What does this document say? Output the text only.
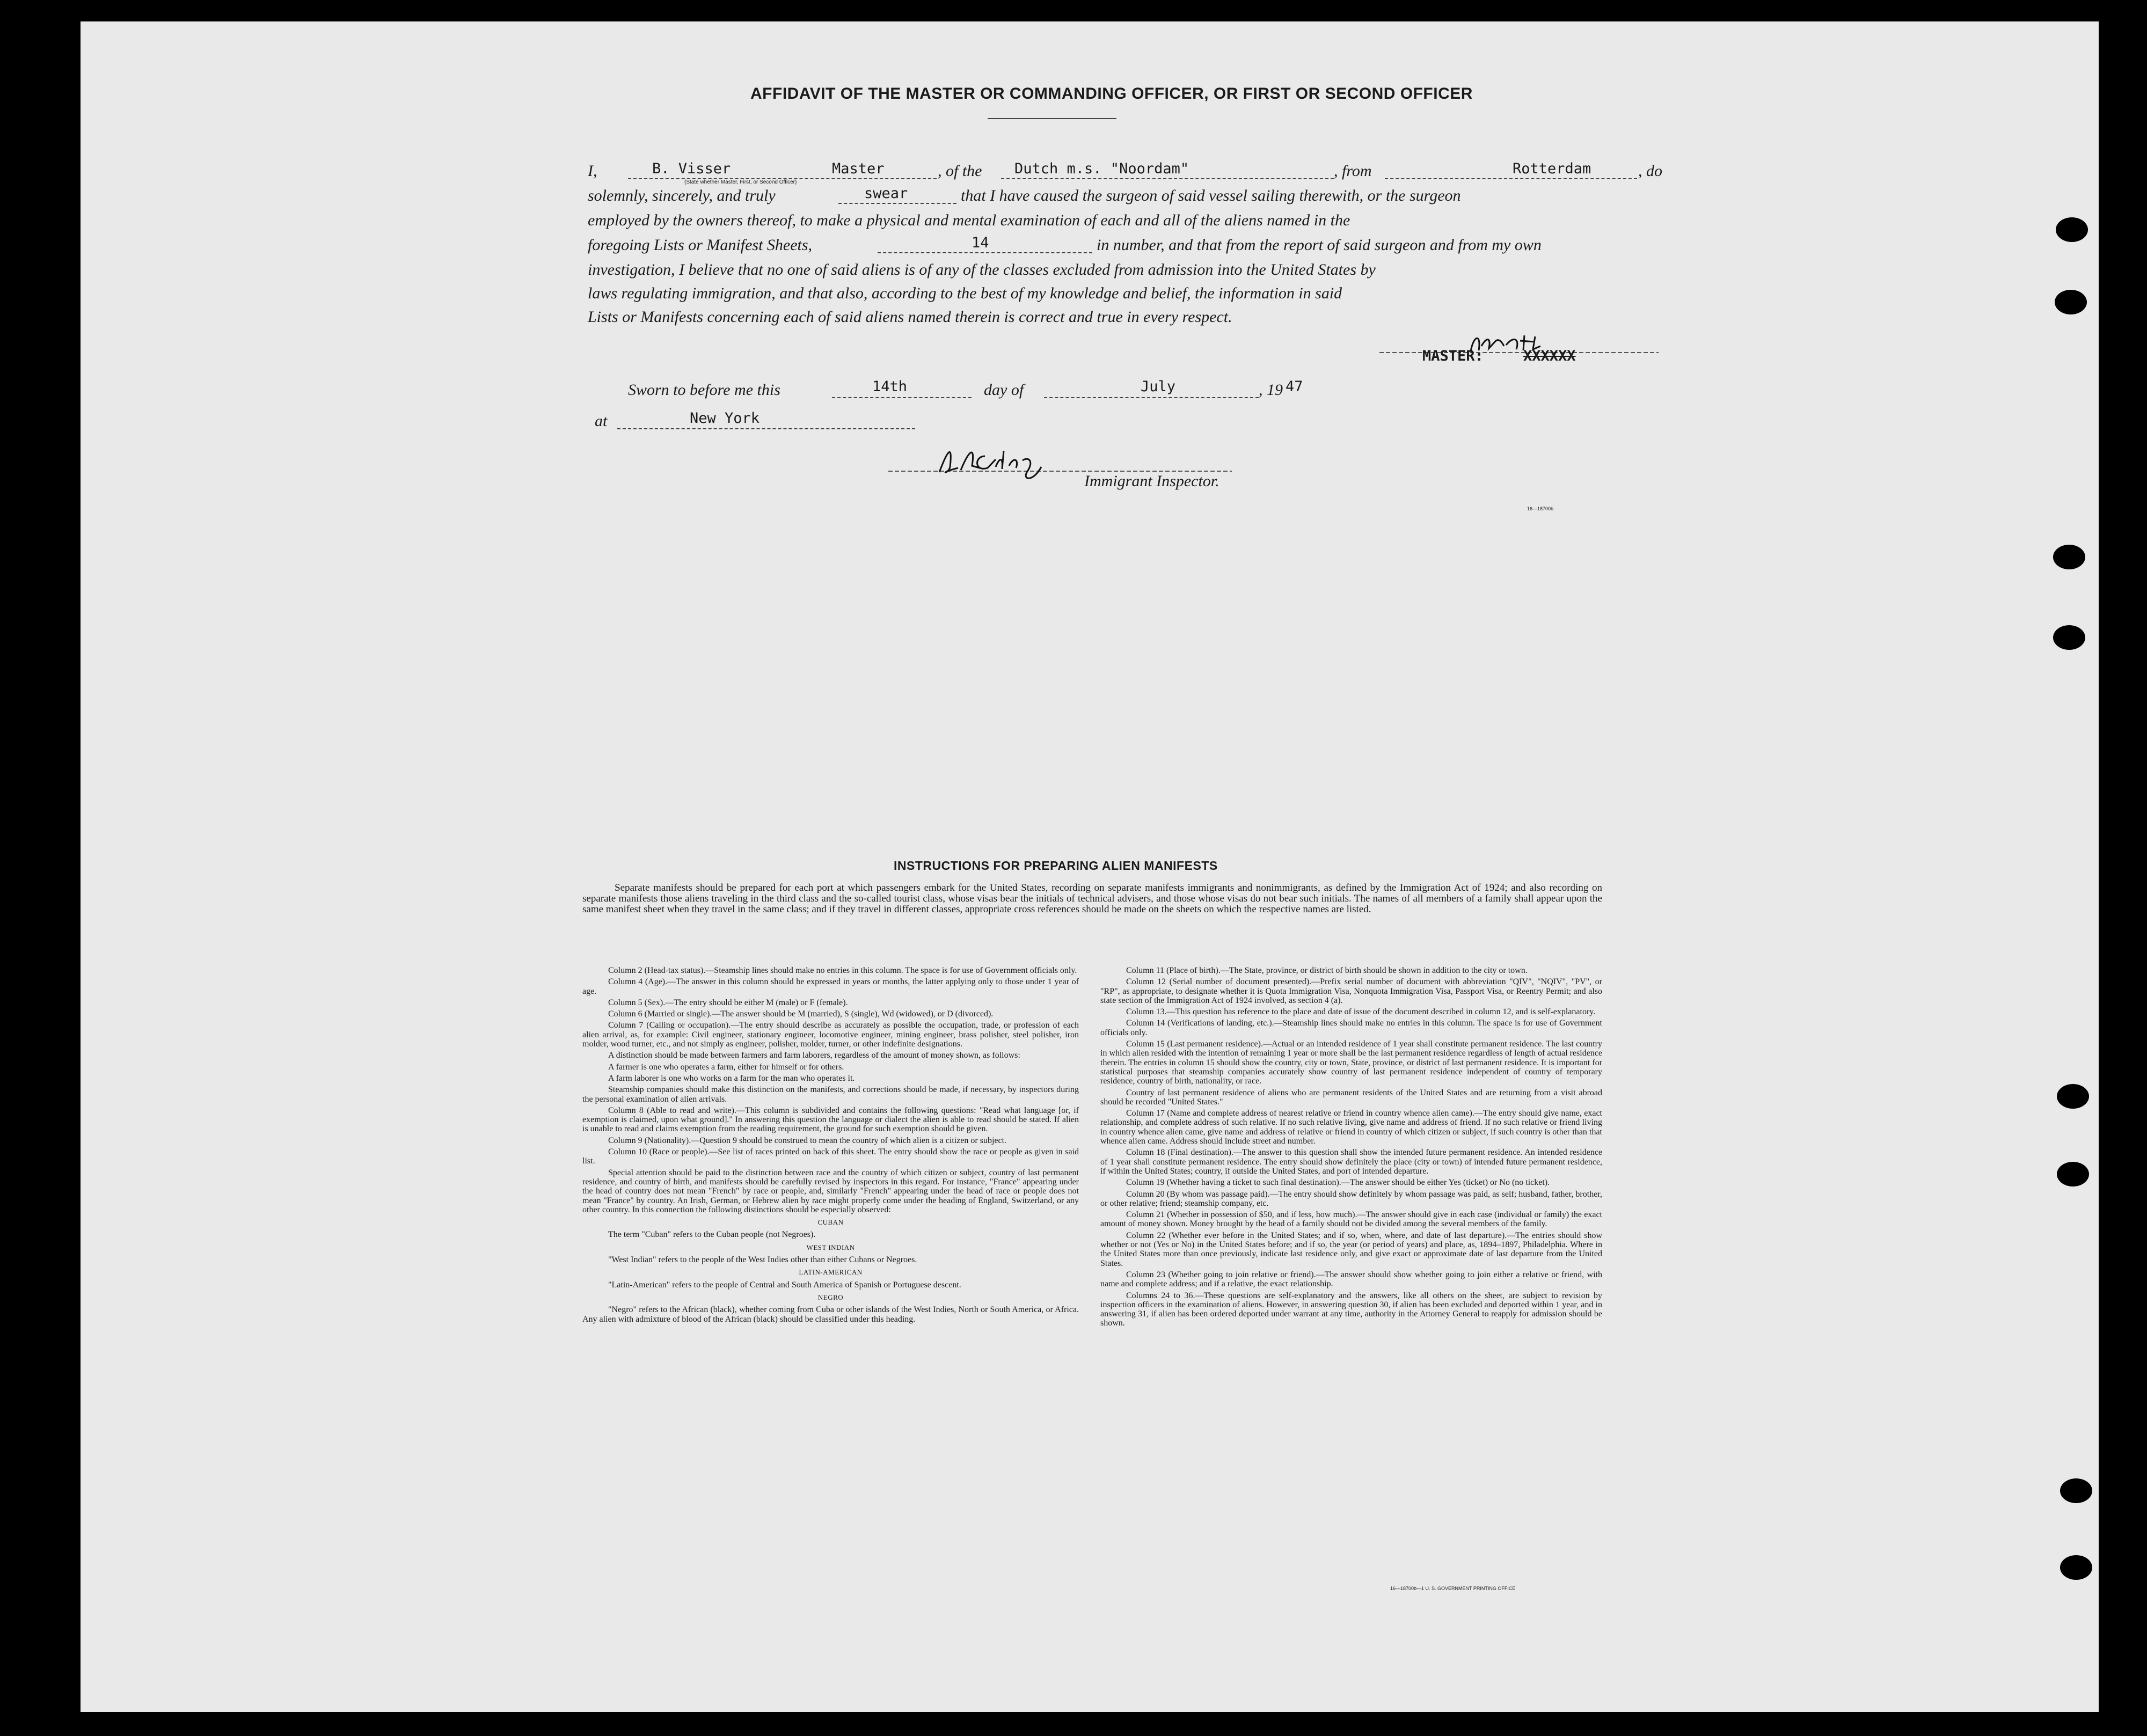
AFFIDAVIT OF THE MASTER OR COMMANDING OFFICER, OR FIRST OR SECOND OFFICER
I,	B. Visser	Master	, of the Dutch m.s. "Noordam"	, from	Rotterdam	, do
(State whether Master, First, or Second Officer)
solemnly, sincerely, and truly	swear	that I have caused the surgeon of said vessel sailing therewith, or the surgeon
employed by the owners thereof, to make a physical and mental examination of each and all of the aliens named in the
foregoing Lists or Manifest Sheets,	14	in number, and that from the report of said surgeon and from my own
investigation, I believe that no one of said aliens is of any of the classes excluded from admission into the United States by
laws regulating immigration, and that also, according to the best of my knowledge and belief, the information in said
Lists or Manifests concerning each of said aliens named therein is correct and true in every respect.
MASTER:	XXXXXX
Sworn to before me this	14th	day of	July	, 19 47
at	New York
Immigrant Inspector.
16—18700b
INSTRUCTIONS FOR PREPARING ALIEN MANIFESTS
Separate manifests should be prepared for each port at which passengers embark for the United States, recording on separate manifests immigrants and nonimmigrants, as defined by the Immigration Act of 1924; and also recording on separate manifests those aliens traveling in the third class and the so-called tourist class, whose visas bear the initials of technical advisers, and those whose visas do not bear such initials. The names of all members of a family shall appear upon the same manifest sheet when they travel in the same class; and if they travel in different classes, appropriate cross references should be made on the sheets on which the respective names are listed.

Column 2 (Head-tax status).—Steamship lines should make no entries in this column. The space is for use of Government officials only.

Column 4 (Age).—The answer in this column should be expressed in years or months, the latter applying only to those under 1 year of age.

Column 5 (Sex).—The entry should be either M (male) or F (female).

Column 6 (Married or single).—The answer should be M (married), S (single), Wd (widowed), or D (divorced).

Column 7 (Calling or occupation).—The entry should describe as accurately as possible the occupation, trade, or profession of each alien arrival, as, for example: Civil engineer, stationary engineer, locomotive engineer, mining engineer, brass polisher, steel polisher, iron molder, wood turner, etc., and not simply as engineer, polisher, molder, turner, or other indefinite designations.

A distinction should be made between farmers and farm laborers, regardless of the amount of money shown, as follows:

A farmer is one who operates a farm, either for himself or for others.

A farm laborer is one who works on a farm for the man who operates it.

Steamship companies should make this distinction on the manifests, and corrections should be made, if necessary, by inspectors during the personal examination of alien arrivals.

Column 8 (Able to read and write).—This column is subdivided and contains the following questions: "Read what language [or, if exemption is claimed, upon what ground]." In answering this question the language or dialect the alien is able to read should be stated. If alien is unable to read and claims exemption from the reading requirement, the ground for such exemption should be given.

Column 9 (Nationality).—Question 9 should be construed to mean the country of which alien is a citizen or subject.

Column 10 (Race or people).—See list of races printed on back of this sheet. The entry should show the race or people as given in said list.

Special attention should be paid to the distinction between race and the country of which citizen or subject, country of last permanent residence, and country of birth, and manifests should be carefully revised by inspectors in this regard. For instance, "France" appearing under the head of country does not mean "French" by race or people, and, similarly "French" appearing under the head of race or people does not mean "France" by country. An Irish, German, or Hebrew alien by race might properly come under the heading of England, Switzerland, or any other country. In this connection the following distinctions should be especially observed:

CUBAN

The term "Cuban" refers to the Cuban people (not Negroes).

WEST INDIAN

"West Indian" refers to the people of the West Indies other than either Cubans or Negroes.

LATIN-AMERICAN

"Latin-American" refers to the people of Central and South America of Spanish or Portuguese descent.

NEGRO

"Negro" refers to the African (black), whether coming from Cuba or other islands of the West Indies, North or South America, or Africa. Any alien with admixture of blood of the African (black) should be classified under this heading.

Column 11 (Place of birth).—The State, province, or district of birth should be shown in addition to the city or town.

Column 12 (Serial number of document presented).—Prefix serial number of document with abbreviation "QIV", "NQIV", "PV", or "RP", as appropriate, to designate whether it is Quota Immigration Visa, Nonquota Immigration Visa, Passport Visa, or Reentry Permit; and also state section of the Immigration Act of 1924 involved, as section 4 (a).

Column 13.—This question has reference to the place and date of issue of the document described in column 12, and is self-explanatory.

Column 14 (Verifications of landing, etc.).—Steamship lines should make no entries in this column. The space is for use of Government officials only.

Column 15 (Last permanent residence).—Actual or an intended residence of 1 year shall constitute permanent residence. The last country in which alien resided with the intention of remaining 1 year or more shall be the last permanent residence regardless of length of actual residence therein. The entries in column 15 should show the country, city or town, State, province, or district of last permanent residence. It is important for statistical purposes that steamship companies accurately show country of last permanent residence independent of country of temporary residence, country of birth, nationality, or race.

Country of last permanent residence of aliens who are permanent residents of the United States and are returning from a visit abroad should be recorded "United States."

Column 17 (Name and complete address of nearest relative or friend in country whence alien came).—The entry should give name, exact relationship, and complete address of such relative. If no such relative living, give name and address of friend. If no such relative or friend living in country whence alien came, give name and address of relative or friend in country of which citizen or subject, if such country is other than that whence alien came. Address should include street and number.

Column 18 (Final destination).—The answer to this question shall show the intended future permanent residence. An intended residence of 1 year shall constitute permanent residence. The entry should show definitely the place (city or town) of intended future permanent residence, if within the United States; country, if outside the United States, and port of intended departure.

Column 19 (Whether having a ticket to such final destination).—The answer should be either Yes (ticket) or No (no ticket).

Column 20 (By whom was passage paid).—The entry should show definitely by whom passage was paid, as self; husband, father, brother, or other relative; friend; steamship company, etc.

Column 21 (Whether in possession of $50, and if less, how much).—The answer should give in each case (individual or family) the exact amount of money shown. Money brought by the head of a family should not be divided among the several members of the family.

Column 22 (Whether ever before in the United States; and if so, when, where, and date of last departure).—The entries should show whether or not (Yes or No) in the United States before; and if so, the year (or period of years) and place, as, 1894–1897, Philadelphia. Where in the United States more than once previously, indicate last residence only, and give exact or approximate date of last departure from the United States.

Column 23 (Whether going to join relative or friend).—The answer should show whether going to join either a relative or friend, with name and complete address; and if a relative, the exact relationship.

Columns 24 to 36.—These questions are self-explanatory and the answers, like all others on the sheet, are subject to revision by inspection officers in the examination of aliens. However, in answering question 30, if alien has been excluded and deported within 1 year, and in answering 31, if alien has been ordered deported under warrant at any time, authority in the Attorney General to reapply for admission should be shown.

16—18700b—1 U. S. GOVERNMENT PRINTING OFFICE
